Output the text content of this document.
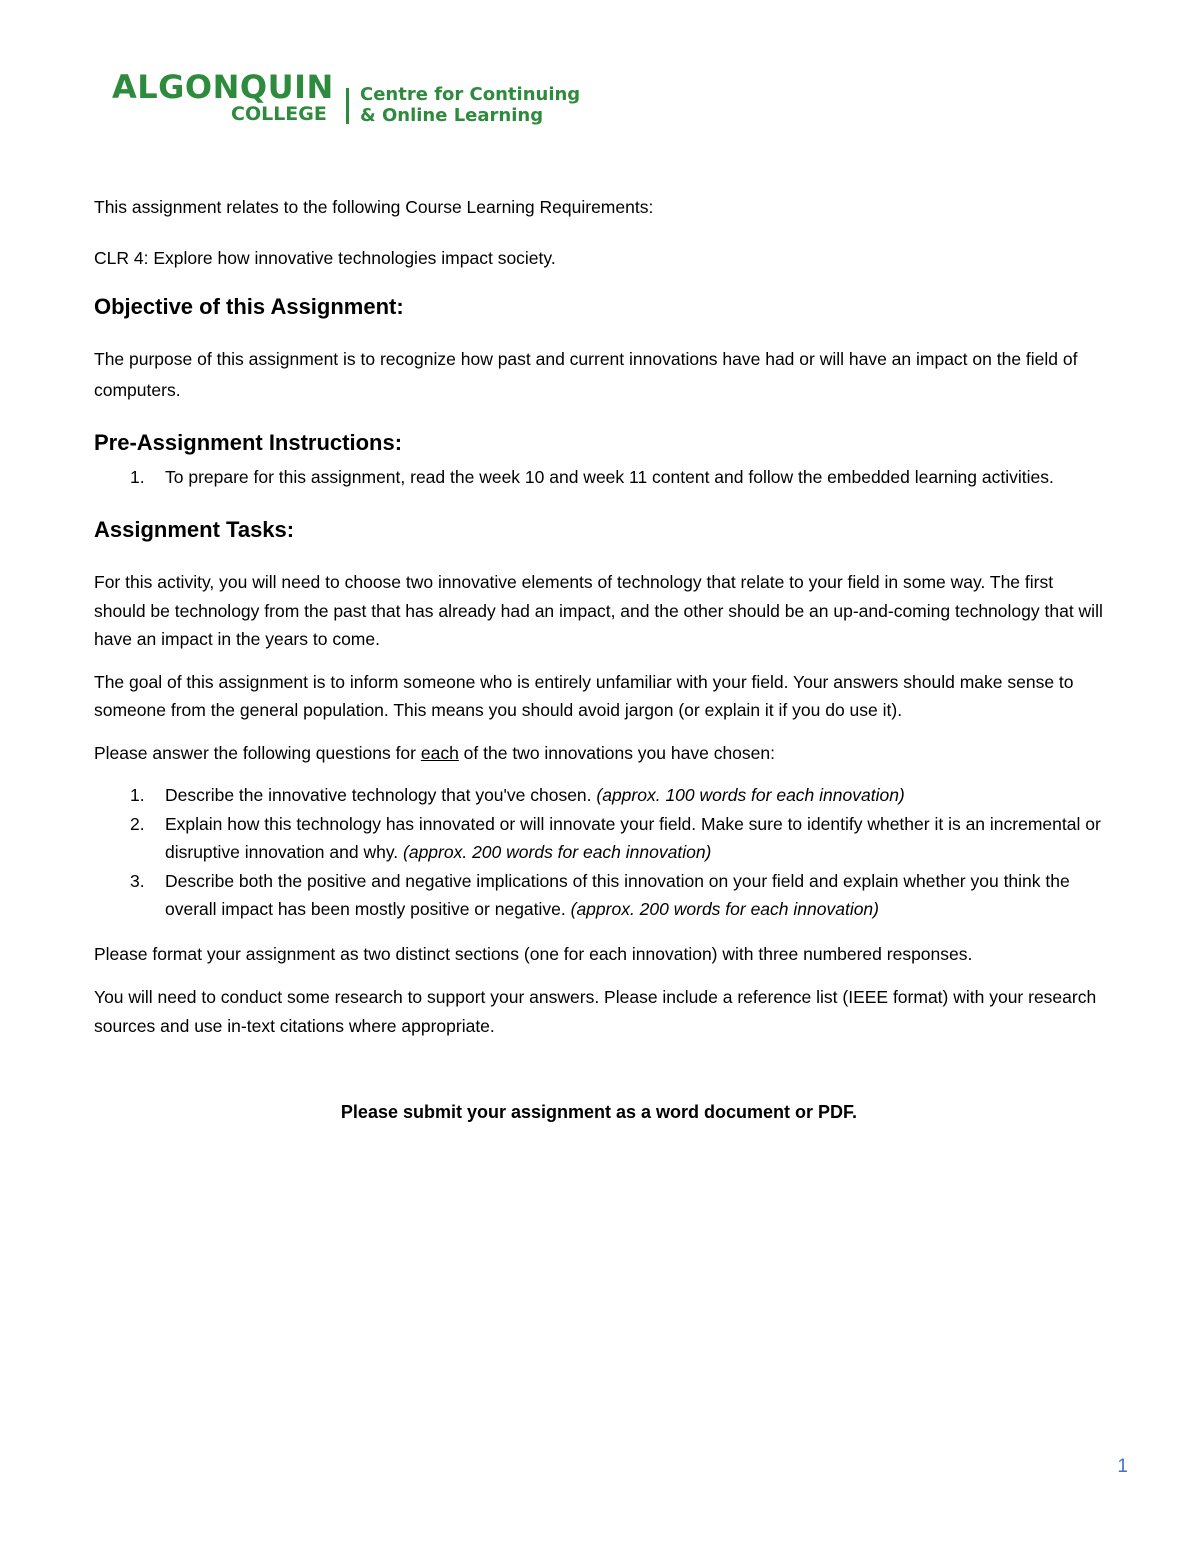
ALGONQUIN
COLLEGE
Centre for Continuing
& Online Learning

This assignment relates to the following Course Learning Requirements:

CLR 4: Explore how innovative technologies impact society.

Objective of this Assignment:

The purpose of this assignment is to recognize how past and current innovations have had or will have an impact on the field of computers.

Pre-Assignment Instructions:
1. To prepare for this assignment, read the week 10 and week 11 content and follow the embedded learning activities.
Assignment Tasks:

For this activity, you will need to choose two innovative elements of technology that relate to your field in some way. The first should be technology from the past that has already had an impact, and the other should be an up-and-coming technology that will have an impact in the years to come.

The goal of this assignment is to inform someone who is entirely unfamiliar with your field. Your answers should make sense to someone from the general population. This means you should avoid jargon (or explain it if you do use it).

Please answer the following questions for each of the two innovations you have chosen:

1. Describe the innovative technology that you've chosen. (approx. 100 words for each innovation)
2. Explain how this technology has innovated or will innovate your field. Make sure to identify whether it is an incremental or disruptive innovation and why. (approx. 200 words for each innovation)
3. Describe both the positive and negative implications of this innovation on your field and explain whether you think the overall impact has been mostly positive or negative. (approx. 200 words for each innovation)

Please format your assignment as two distinct sections (one for each innovation) with three numbered responses.

You will need to conduct some research to support your answers. Please include a reference list (IEEE format) with your research sources and use in-text citations where appropriate.

Please submit your assignment as a word document or PDF.

1
